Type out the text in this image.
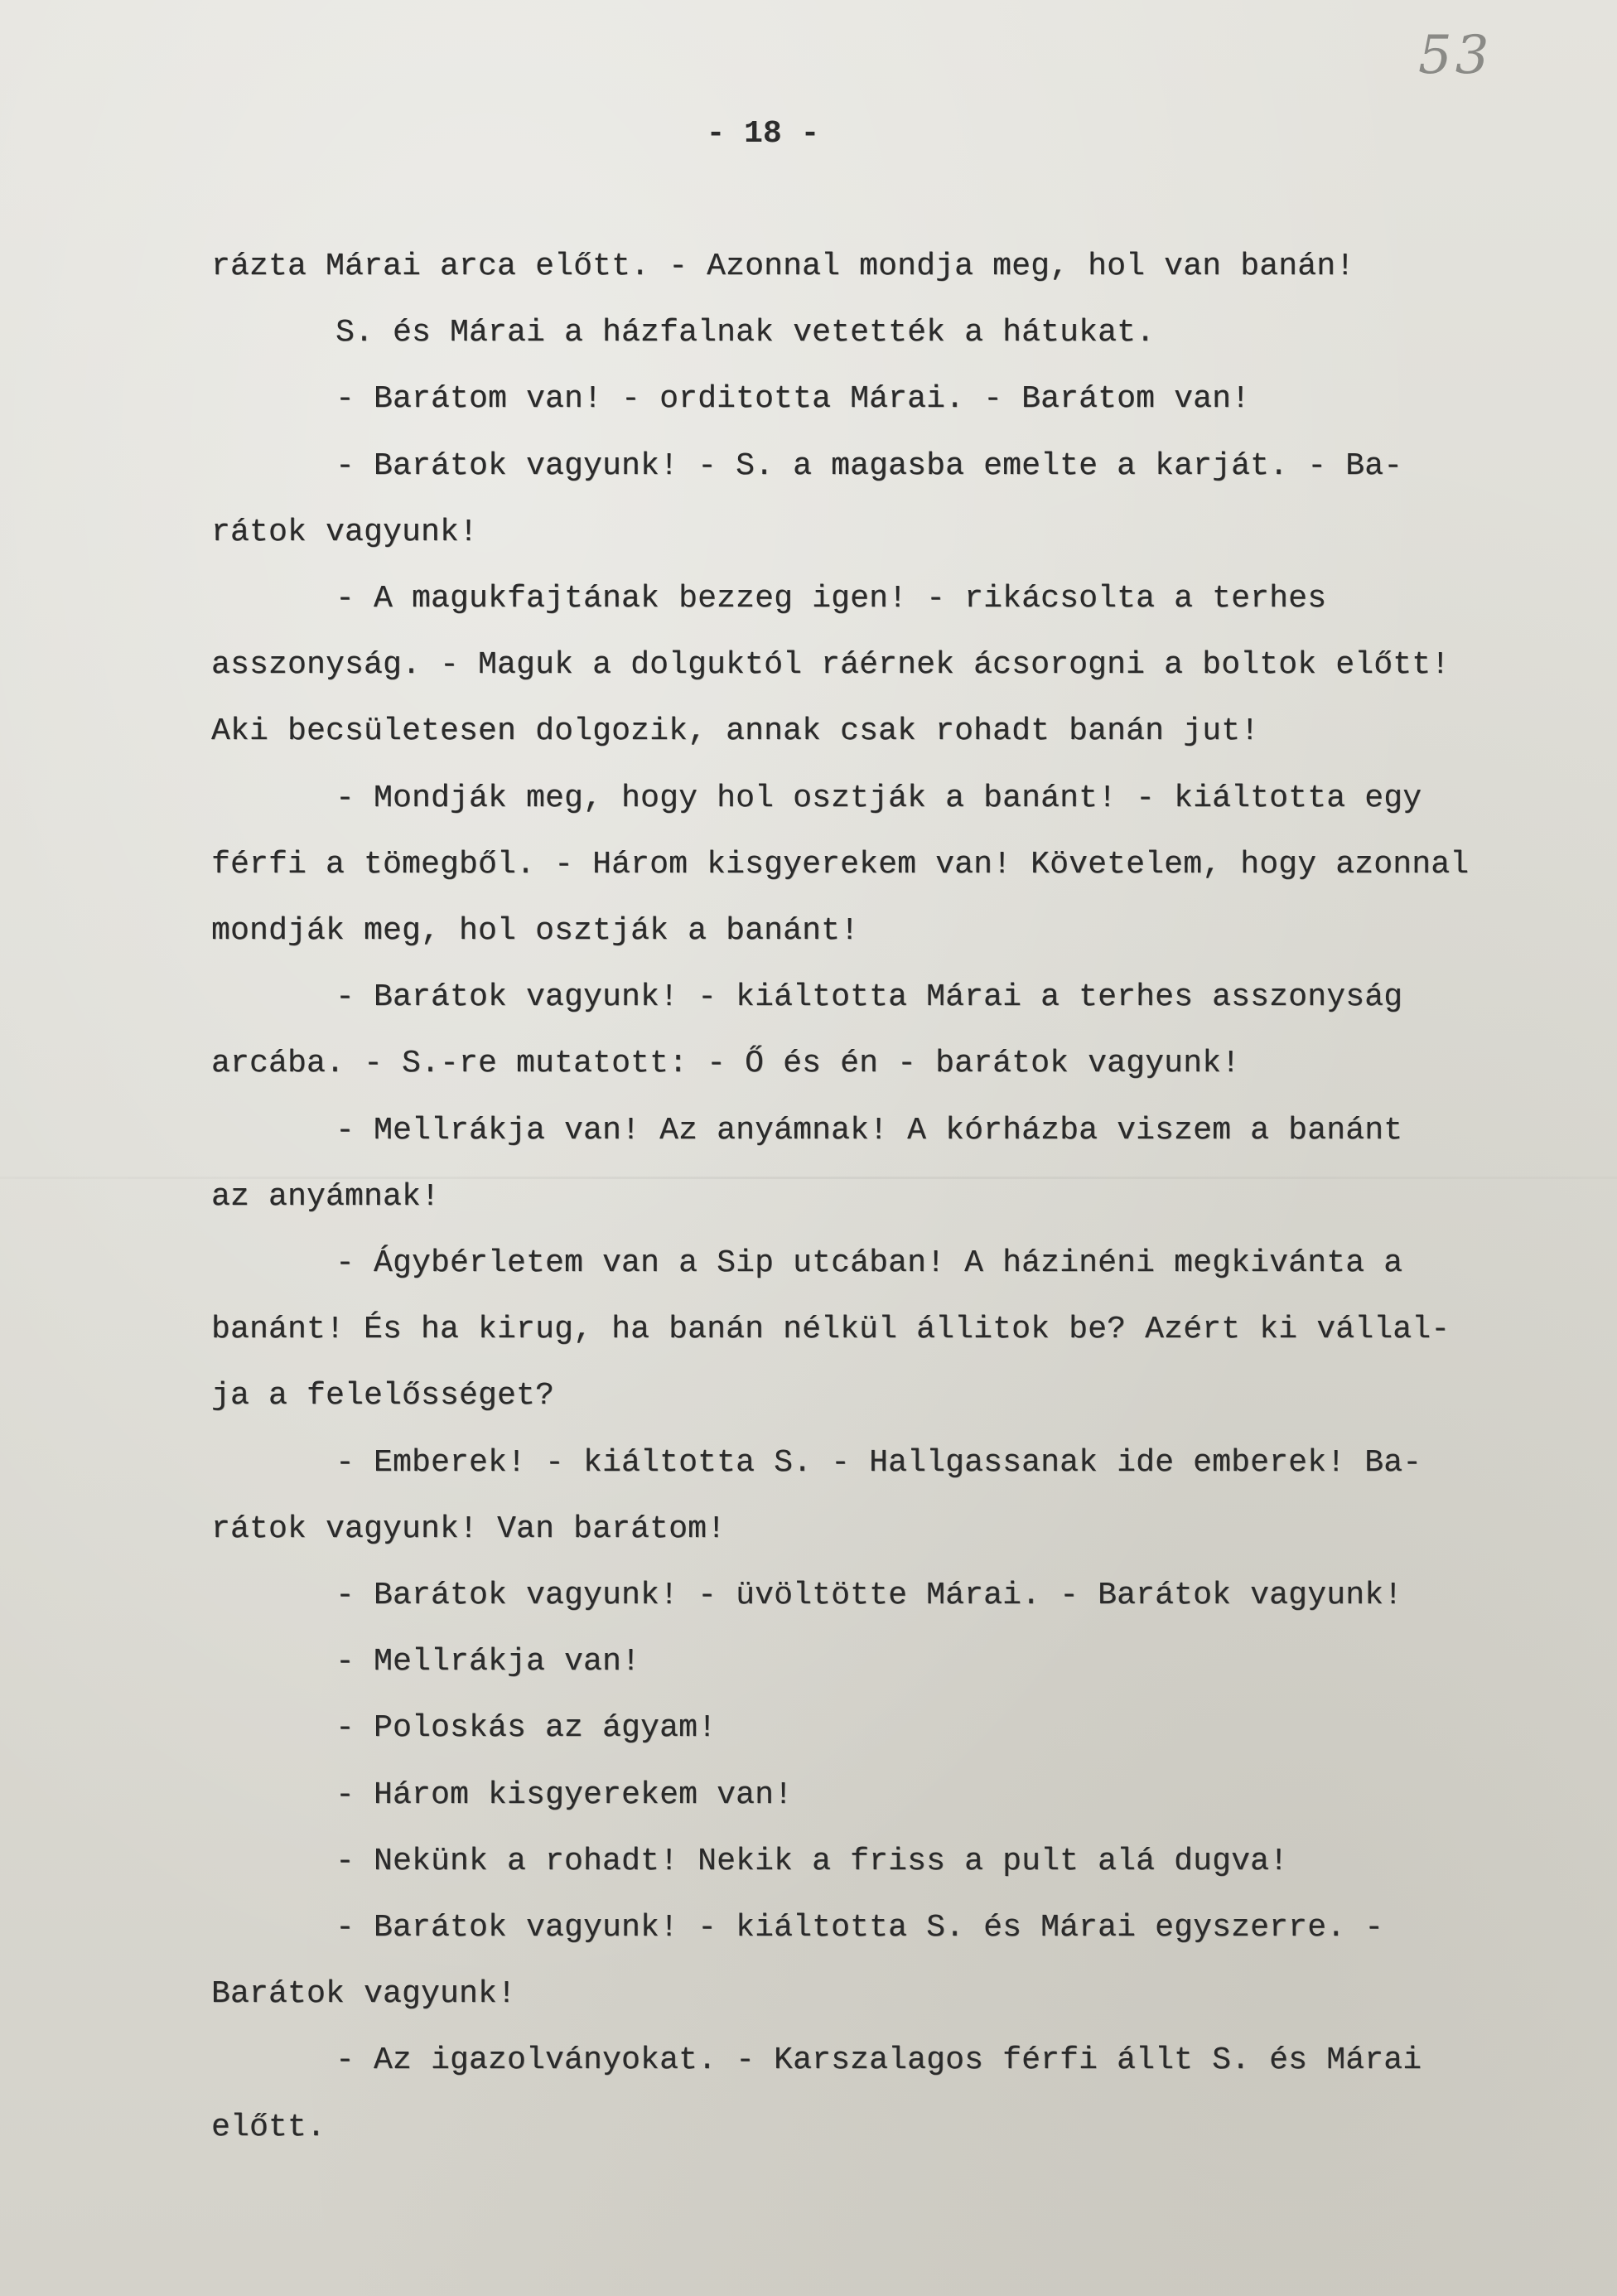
53
- 18 -
rázta Márai arca előtt. - Azonnal mondja meg, hol van banán!
S. és Márai a házfalnak vetették a hátukat.
- Barátom van! - orditotta Márai. - Barátom van!
- Barátok vagyunk! - S. a magasba emelte a karját. - Ba-
rátok vagyunk!
- A magukfajtának bezzeg igen! - rikácsolta a terhes
asszonyság. - Maguk a dolguktól ráérnek ácsorogni a boltok előtt!
Aki becsületesen dolgozik, annak csak rohadt banán jut!
- Mondják meg, hogy hol osztják a banánt! - kiáltotta egy
férfi a tömegből. - Három kisgyerekem van! Követelem, hogy azonnal
mondják meg, hol osztják a banánt!
- Barátok vagyunk! - kiáltotta Márai a terhes asszonyság
arcába. - S.-re mutatott: - Ő és én - barátok vagyunk!
- Mellrákja van! Az anyámnak! A kórházba viszem a banánt
az anyámnak!
- Ágybérletem van a Sip utcában! A házinéni megkivánta a
banánt! És ha kirug, ha banán nélkül állitok be? Azért ki vállal-
ja a felelősséget?
- Emberek! - kiáltotta S. - Hallgassanak ide emberek! Ba-
rátok vagyunk! Van barátom!
- Barátok vagyunk! - üvöltötte Márai. - Barátok vagyunk!
- Mellrákja van!
- Poloskás az ágyam!
- Három kisgyerekem van!
- Nekünk a rohadt! Nekik a friss a pult alá dugva!
- Barátok vagyunk! - kiáltotta S. és Márai egyszerre. -
Barátok vagyunk!
- Az igazolványokat. - Karszalagos férfi állt S. és Márai
előtt.
